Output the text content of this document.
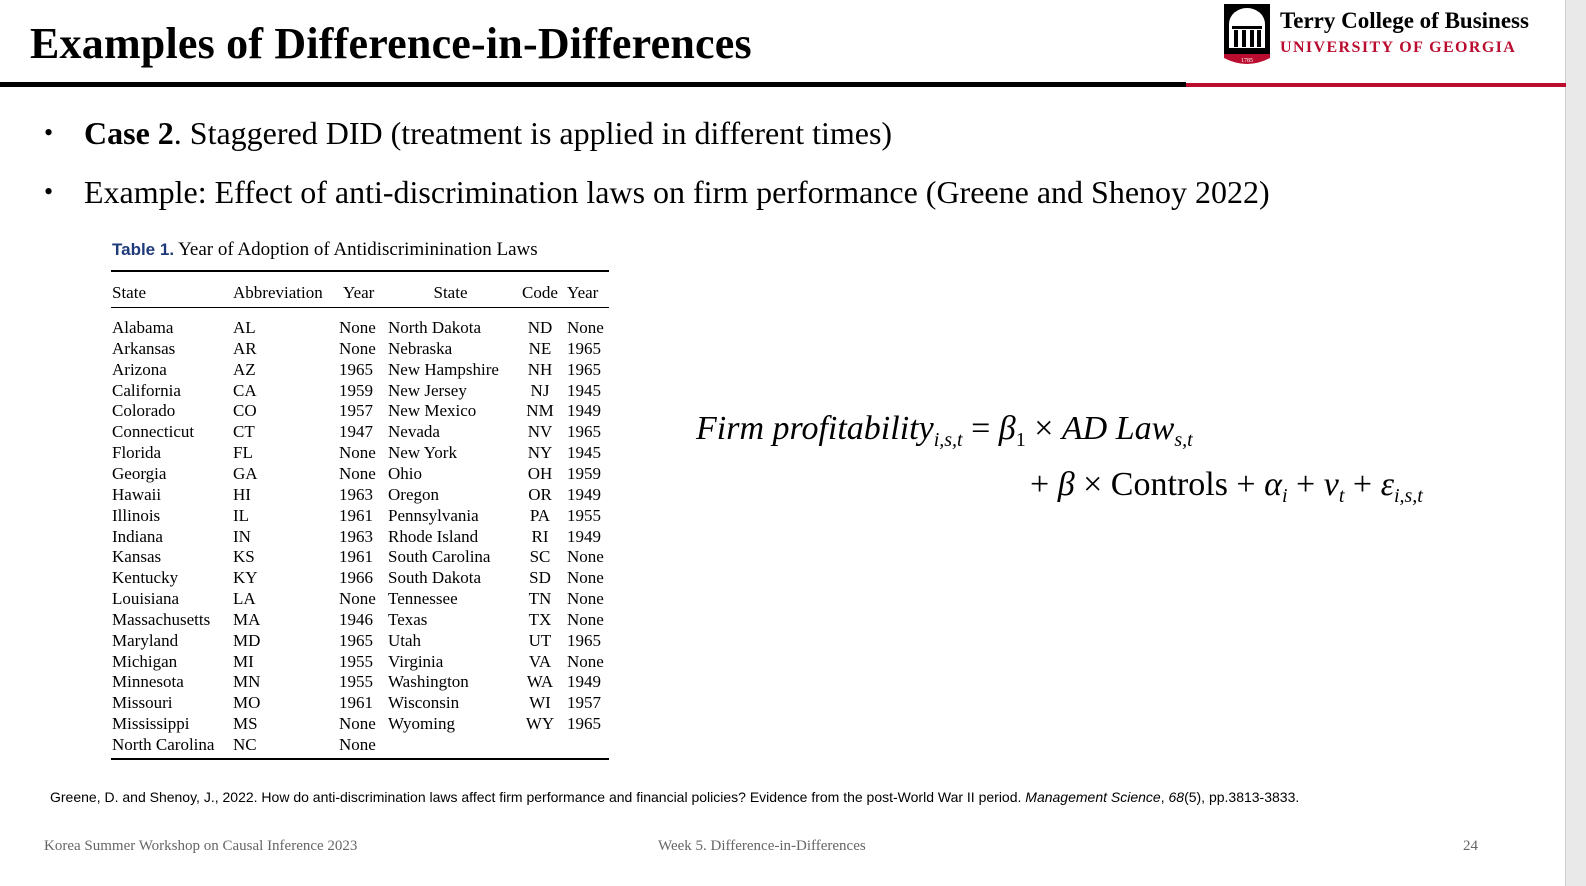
Examples of Difference-in-Differences	1785
Terry College of Business
UNIVERSITY OF GEORGIA
• Case 2. Staggered DID (treatment is applied in different times)
• Example: Effect of anti-discrimination laws on firm performance (Greene and Shenoy 2022)
Table 1. Year of Adoption of Antidiscriminination Laws
State	Abbreviation Year	State	Code Year
Alabama	AL	None North Dakota	ND None
Arkansas	AR	None Nebraska	NE 1965
Arizona	AZ	1965 New Hampshire	NH 1965
California	CA	1959 New Jersey	NJ	1945
Colorado	CO	1957 New Mexico	NM 1949
Connecticut CT	1947 Nevada	NV 1965
Florida	FL	None New York	NY 1945
Georgia	GA	None Ohio	OH 1959
Hawaii	HI	1963 Oregon	OR 1949
Illinois	IL	1961 Pennsylvania	PA 1955
Indiana	IN	1963 Rhode Island	RI	1949
Kansas	KS	1961 South Carolina	SC None
Kentucky	KY	1966 South Dakota	SD None
Louisiana	LA	None Tennessee	TN None
Massachusetts MA	1946 Texas	TX None
Maryland	MD	1965 Utah	UT 1965
Michigan	MI	1955 Virginia	VA None
Minnesota	MN	1955 Washington	WA 1949
Missouri	MO	1961 Wisconsin	WI 1957
Mississippi	MS	None Wyoming	WY 1965
North Carolina NC	None
Firm profitability$_{i,s,t}$ = $\beta_1$ × AD Law$_{s,t}$
+ β × Controls + $\alpha_i + \nu_t + \varepsilon_{i,s,t}$
Greene, D. and Shenoy, J., 2022. How do anti-discrimination laws affect firm performance and financial policies? Evidence from the post-World War II period. Management Science, 68(5), pp.3813-3833.
Korea Summer Workshop on Causal Inference 2023	Week 5. Difference-in-Differences	24
